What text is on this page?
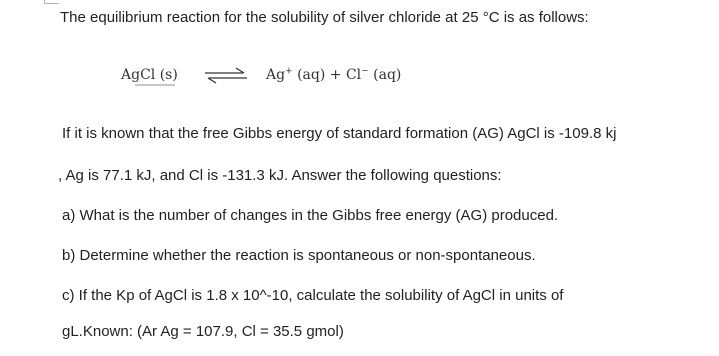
The equilibrium reaction for the solubility of silver chloride at 25 °C is as follows:
AgCl (s) ⇌ Ag+ (aq) + Cl− (aq)
If it is known that the free Gibbs energy of standard formation (AG) AgCl is -109.8 kj
, Ag is 77.1 kJ, and Cl is -131.3 kJ. Answer the following questions:
a) What is the number of changes in the Gibbs free energy (AG) produced.
b) Determine whether the reaction is spontaneous or non-spontaneous.
c) If the Kp of AgCl is 1.8 x 10^-10, calculate the solubility of AgCl in units of
gL.Known: (Ar Ag = 107.9, Cl = 35.5 gmol)
